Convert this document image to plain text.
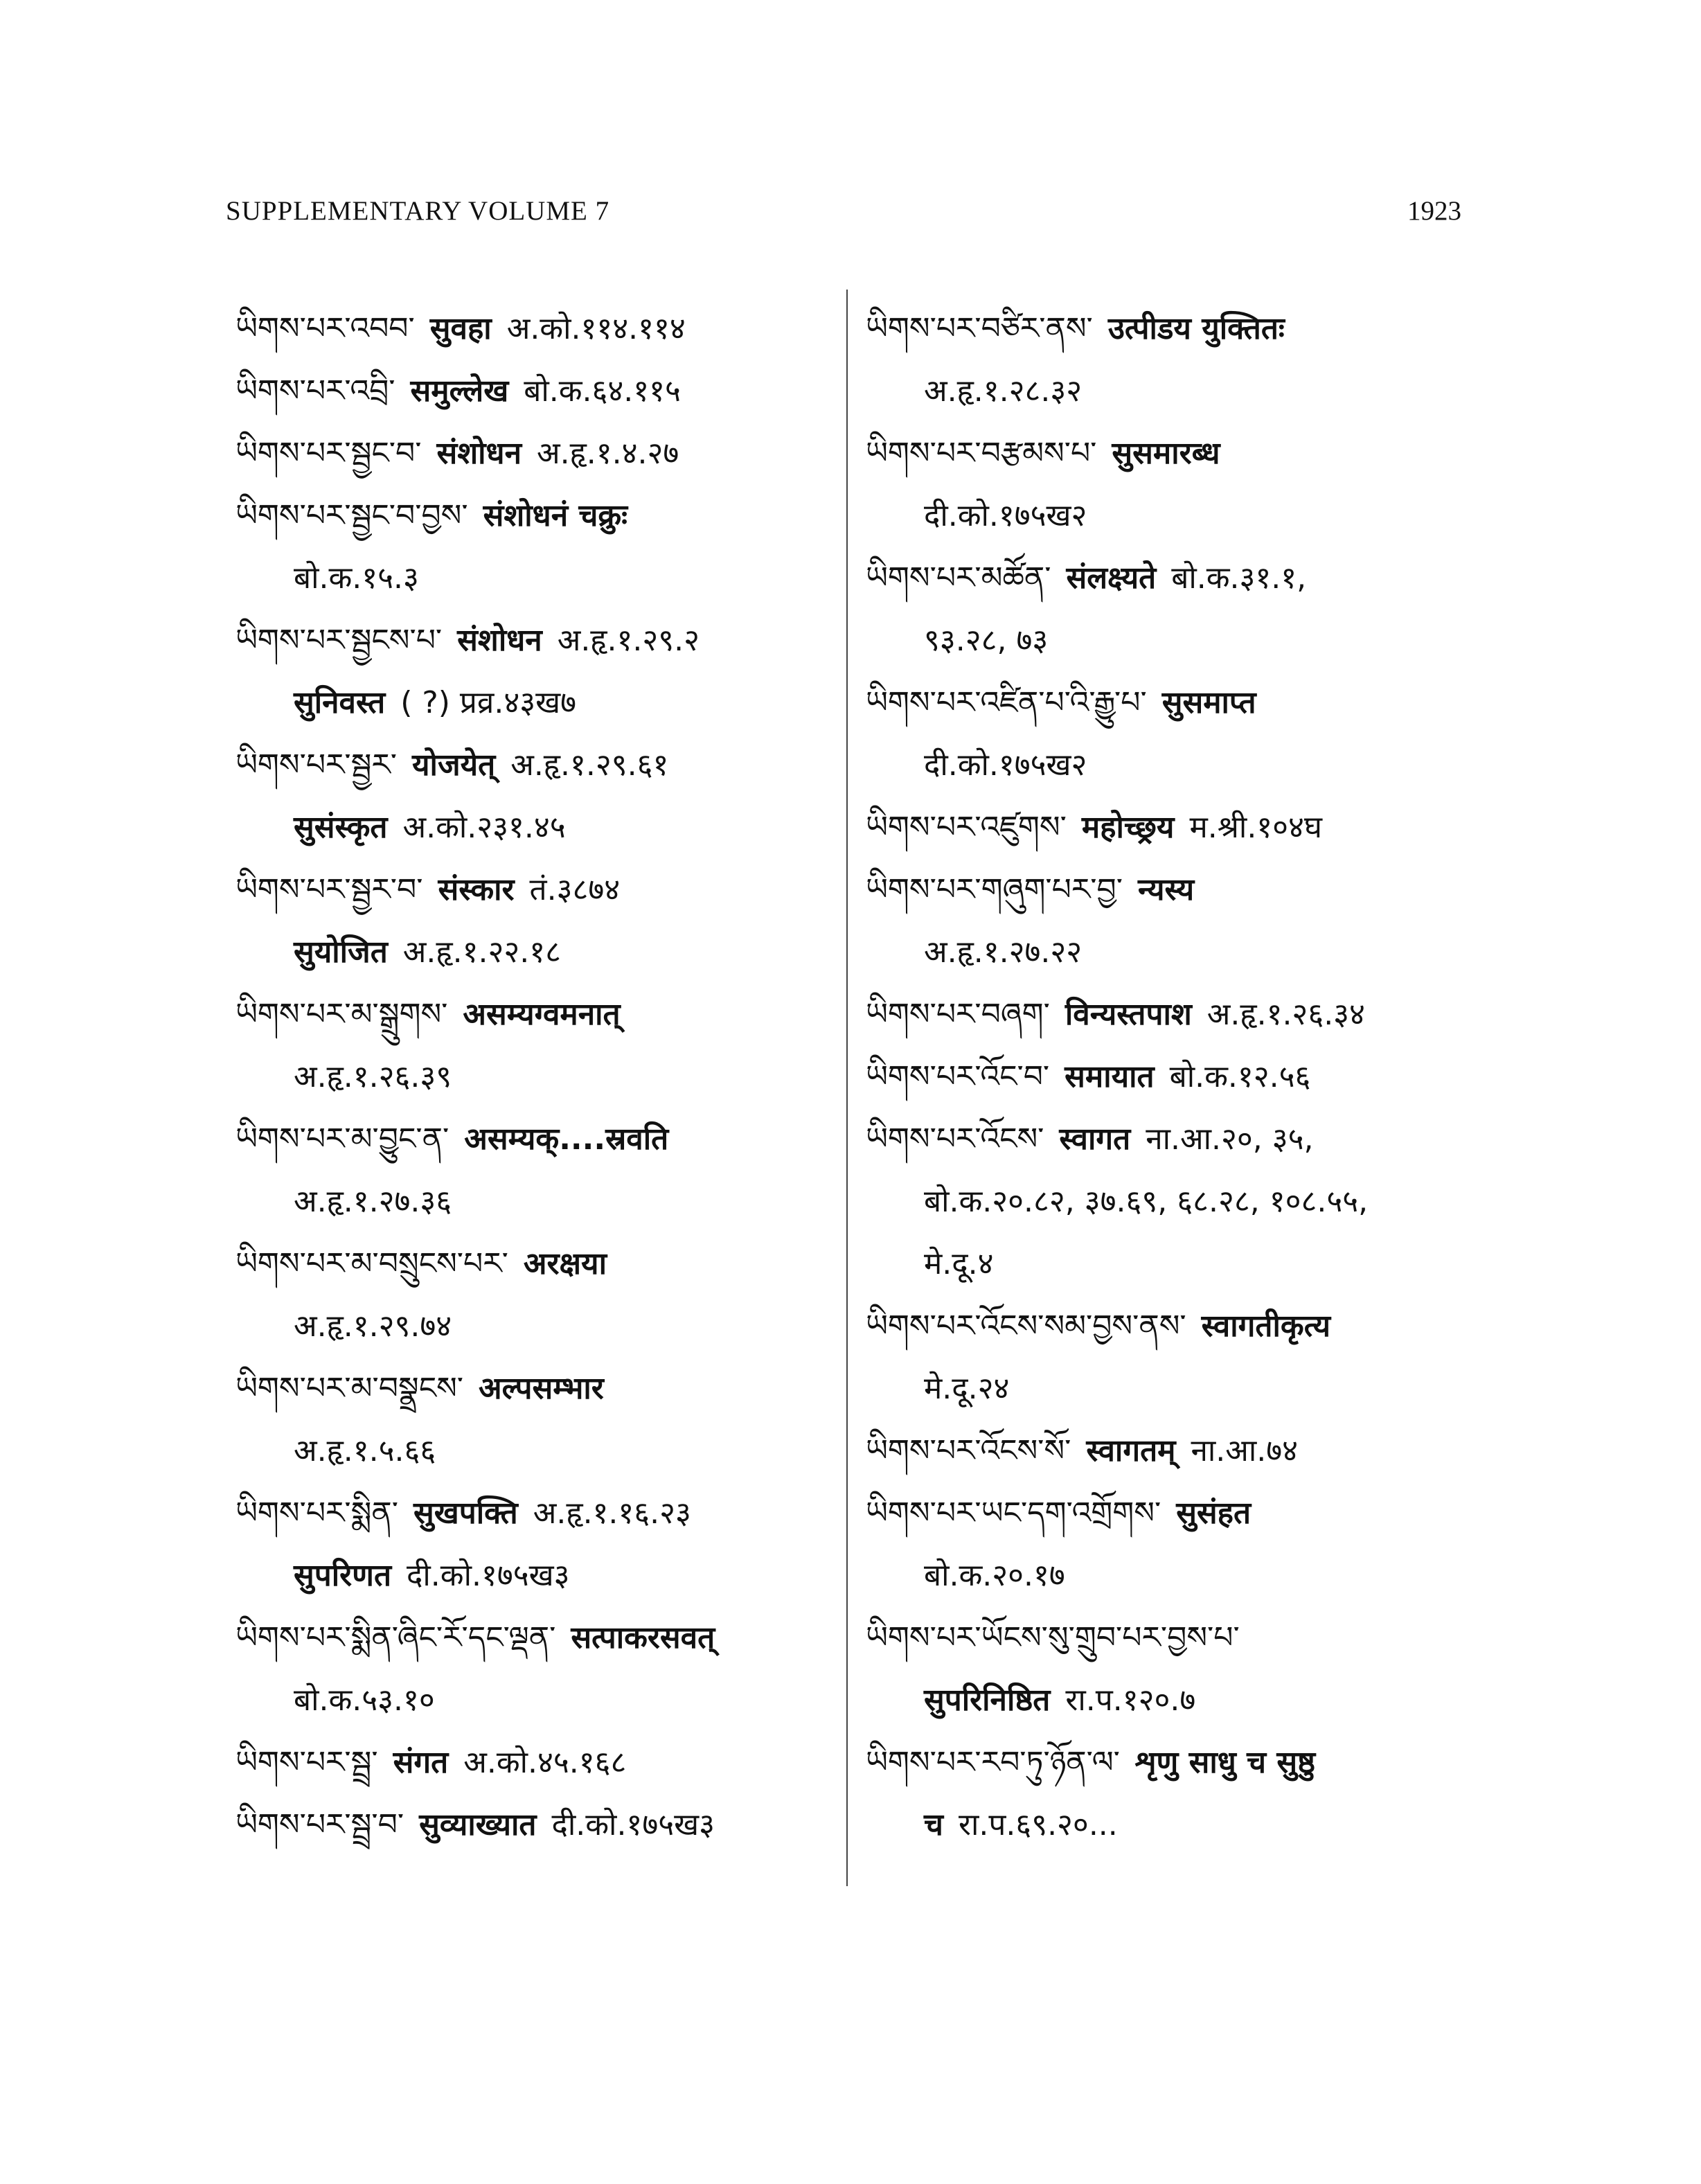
SUPPLEMENTARY VOLUME 7	1923
ཡིགས་པར་འབབ་ सुवहा अ.को.११४.११४
ཡིགས་པར་འབྲི་ समुल्लेख बो.क.६४.११५
ཡིགས་པར་སྦྱང་བ་ संशोधन अ.हृ.१.४.२७
ཡིགས་པར་སྦྱང་བ་བྱས་ संशोधनं चक्रुः
बो.क.१५.३
ཡིགས་པར་སྦྱངས་པ་ संशोधन अ.हृ.१.२९.२
सुनिवस्त ( ?) प्रव्र.४३ख७
ཡིགས་པར་སྦྱར་ योजयेत् अ.हृ.१.२९.६१
सुसंस्कृत अ.को.२३१.४५
ཡིགས་པར་སྦྱར་བ་ संस्कार तं.३८७४
सुयोजित अ.हृ.१.२२.१८
ཡིགས་པར་མ་སྒྲུགས་ असम्यग्वमनात्
अ.हृ.१.२६.३९
ཡིགས་པར་མ་བྱུང་ན་ असम्यक्....स्रवति
अ.हृ.१.२७.३६
ཡིགས་པར་མ་བསྲུངས་པར་ अरक्षया
अ.हृ.१.२९.७४
ཡིགས་པར་མ་བསྣྲངས་ अल्पसम्भार
अ.हृ.१.५.६६
ཡིགས་པར་སྨིན་ सुखपक्ति अ.हृ.१.१६.२३
सुपरिणत दी.को.१७५ख३
ཡིགས་པར་སྨིན་ཞིང་རོ་དང་ལྡན་ सत्पाकरसवत्
बो.क.५३.१०
ཡིགས་པར་སྦྲ་ संगत अ.को.४५.१६८
ཡིགས་པར་སྦྲ་བ་ सुव्याख्यात दी.को.१७५ख३
ཡིགས་པར་བཙིར་ནས་ उत्पीडय युक्तितः
अ.हृ.१.२८.३२
ཡིགས་པར་བརྩམས་པ་ सुसमारब्ध
दी.को.१७५ख२
ཡིགས་པར་མཚོན་ संलक्ष्यते बो.क.३१.१,
९३.२८, ७३
ཡིགས་པར་འཛིན་པ་འི་རྒྱུ་པ་ सुसमाप्त
दी.को.१७५ख२
ཡིགས་པར་འཛུགས་ महोच्छ्रय म.श्री.१०४घ
ཡིགས་པར་གཞུག་པར་བྱ་ न्यस्य
अ.हृ.१.२७.२२
ཡིགས་པར་བཞག་ विन्यस्तपाश अ.हृ.१.२६.३४
ཡིགས་པར་འོང་བ་ समायात बो.क.१२.५६
ཡིགས་པར་འོངས་ स्वागत ना.आ.२०, ३५,
बो.क.२०.८२, ३७.६९, ६८.२८, १०८.५५,
मे.दू.४
ཡིགས་པར་འོངས་སམ་བྱས་ནས་ स्वागतीकृत्य
मे.दू.२४
ཡིགས་པར་འོངས་སོ་ स्वागतम् ना.आ.७४
ཡིགས་པར་ཡང་དག་འགྲོགས་ सुसंहत
बो.क.२०.१७
ཡིགས་པར་ཡོངས་སུ་གྲུབ་པར་བྱས་པ་
सुपरिनिष्ठित रा.प.१२०.७
ཡིགས་པར་རབ་ཏུ་ཉོན་ལ་ शृणु साधु च सुष्ठु
च रा.प.६९.२०...
